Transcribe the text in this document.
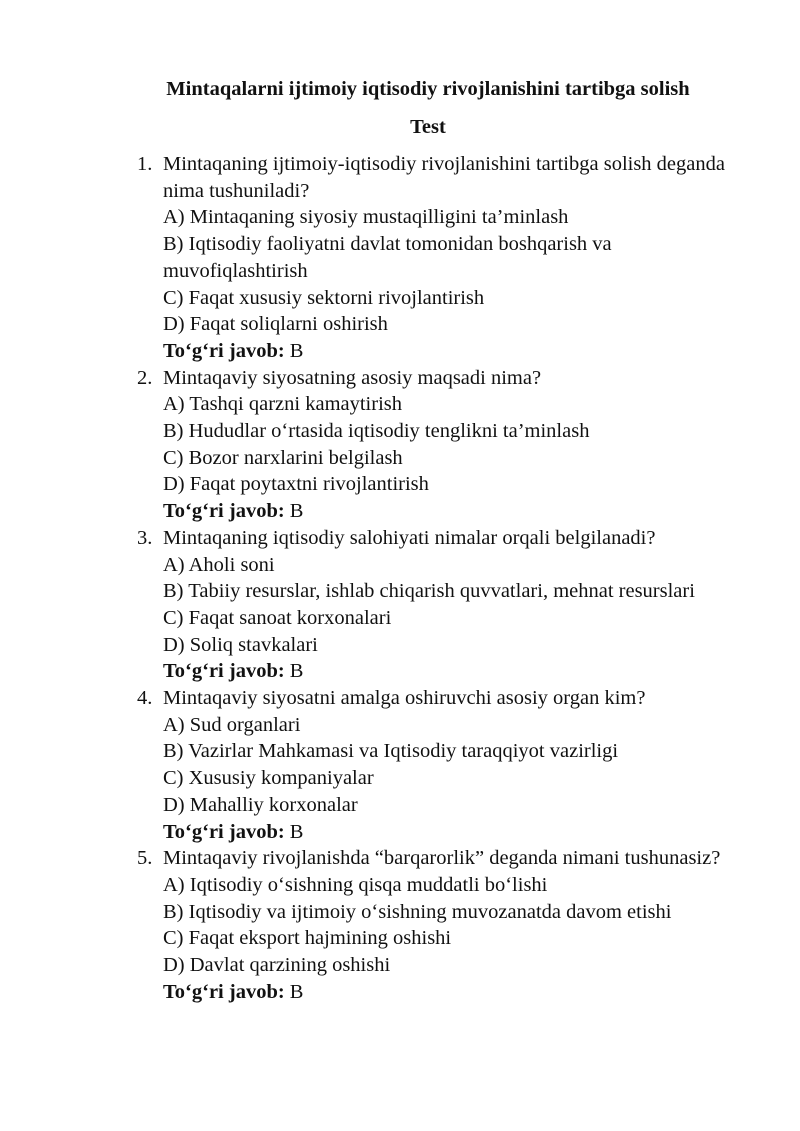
Mintaqalarni ijtimoiy iqtisodiy rivojlanishini tartibga solish
Test
1. Mintaqaning ijtimoiy-iqtisodiy rivojlanishini tartibga solish deganda nima tushuniladi?
A) Mintaqaning siyosiy mustaqilligini ta’minlash
B) Iqtisodiy faoliyatni davlat tomonidan boshqarish va muvofiqlashtirish
C) Faqat xususiy sektorni rivojlantirish
D) Faqat soliqlarni oshirish
To‘g‘ri javob: B
2. Mintaqaviy siyosatning asosiy maqsadi nima?
A) Tashqi qarzni kamaytirish
B) Hududlar o‘rtasida iqtisodiy tenglikni ta’minlash
C) Bozor narxlarini belgilash
D) Faqat poytaxtni rivojlantirish
To‘g‘ri javob: B
3. Mintaqaning iqtisodiy salohiyati nimalar orqali belgilanadi?
A) Aholi soni
B) Tabiiy resurslar, ishlab chiqarish quvvatlari, mehnat resurslari
C) Faqat sanoat korxonalari
D) Soliq stavkalari
To‘g‘ri javob: B
4. Mintaqaviy siyosatni amalga oshiruvchi asosiy organ kim?
A) Sud organlari
B) Vazirlar Mahkamasi va Iqtisodiy taraqqiyot vazirligi
C) Xususiy kompaniyalar
D) Mahalliy korxonalar
To‘g‘ri javob: B
5. Mintaqaviy rivojlanishda “barqarorlik” deganda nimani tushunasiz?
A) Iqtisodiy o‘sishning qisqa muddatli bo‘lishi
B) Iqtisodiy va ijtimoiy o‘sishning muvozanatda davom etishi
C) Faqat eksport hajmining oshishi
D) Davlat qarzining oshishi
To‘g‘ri javob: B
